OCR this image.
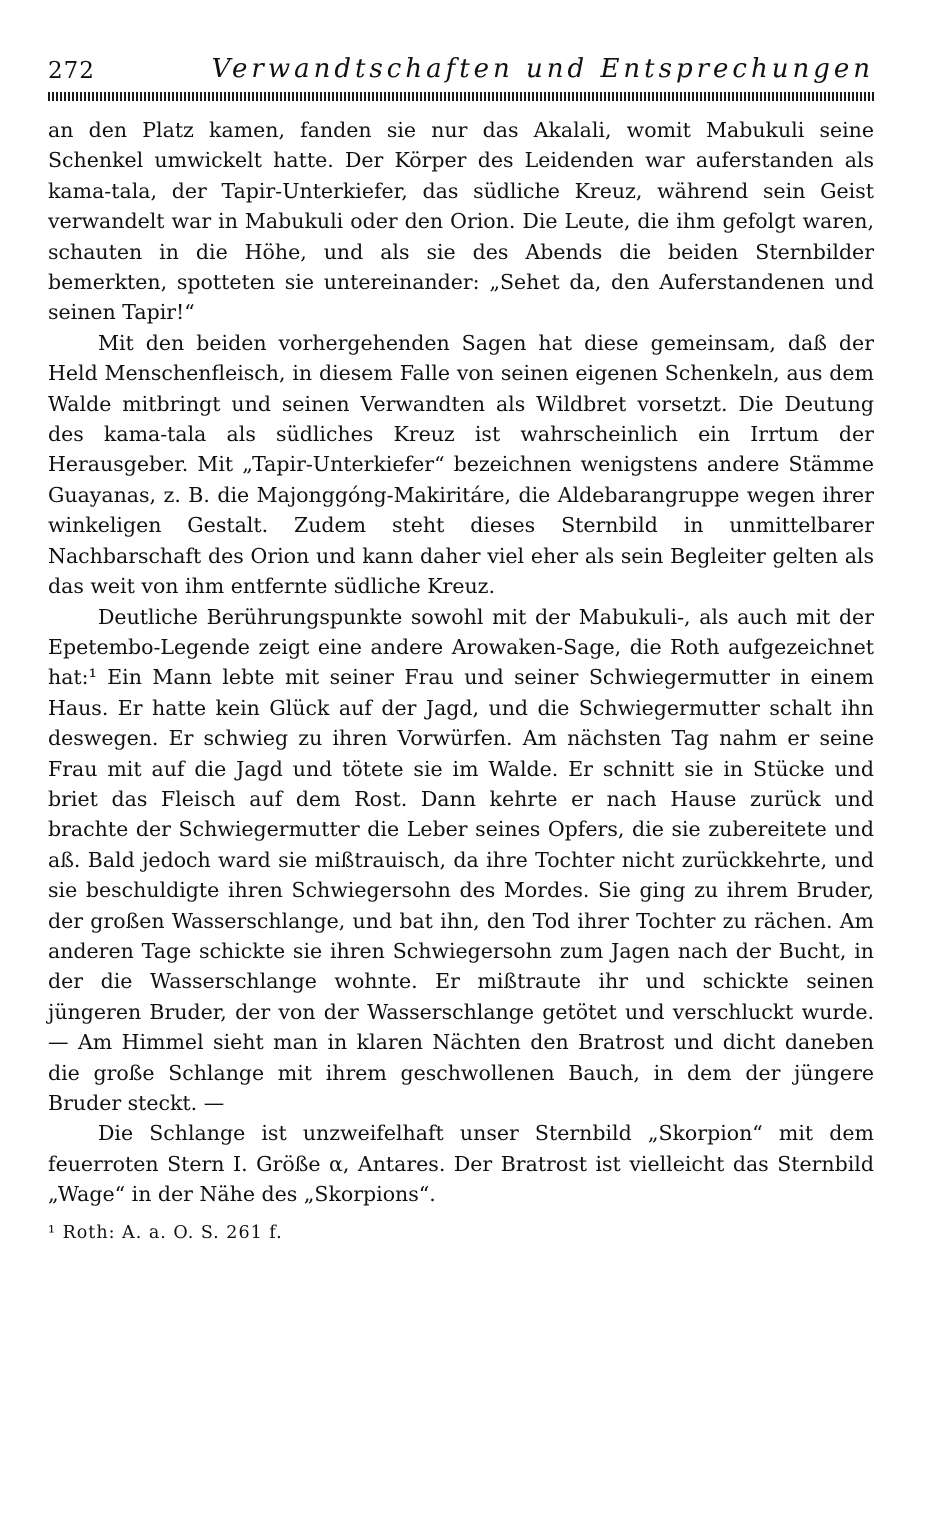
272	Verwandtschaften und Entsprechungen

an den Platz kamen, fanden sie nur das Akalali, womit Mabukuli seine Schenkel umwickelt hatte. Der Körper des Leidenden war auferstanden als kama-tala, der Tapir-Unterkiefer, das südliche Kreuz, während sein Geist verwandelt war in Mabukuli oder den Orion. Die Leute, die ihm gefolgt waren, schauten in die Höhe, und als sie des Abends die beiden Sternbilder bemerkten, spotteten sie untereinander: „Sehet da, den Auferstandenen und seinen Tapir!“

Mit den beiden vorhergehenden Sagen hat diese gemeinsam, daß der Held Menschenfleisch, in diesem Falle von seinen eigenen Schenkeln, aus dem Walde mitbringt und seinen Verwandten als Wildbret vorsetzt. Die Deutung des kama-tala als südliches Kreuz ist wahrscheinlich ein Irrtum der Herausgeber. Mit „Tapir-Unterkiefer“ bezeichnen wenigstens andere Stämme Guayanas, z. B. die Majonggóng-Makiritáre, die Aldebarangruppe wegen ihrer winkeligen Gestalt. Zudem steht dieses Sternbild in unmittelbarer Nachbarschaft des Orion und kann daher viel eher als sein Begleiter gelten als das weit von ihm entfernte südliche Kreuz.

Deutliche Berührungspunkte sowohl mit der Mabukuli-, als auch mit der Epetembo-Legende zeigt eine andere Arowaken-Sage, die Roth aufgezeichnet hat:¹ Ein Mann lebte mit seiner Frau und seiner Schwiegermutter in einem Haus. Er hatte kein Glück auf der Jagd, und die Schwiegermutter schalt ihn deswegen. Er schwieg zu ihren Vorwürfen. Am nächsten Tag nahm er seine Frau mit auf die Jagd und tötete sie im Walde. Er schnitt sie in Stücke und briet das Fleisch auf dem Rost. Dann kehrte er nach Hause zurück und brachte der Schwiegermutter die Leber seines Opfers, die sie zubereitete und aß. Bald jedoch ward sie mißtrauisch, da ihre Tochter nicht zurückkehrte, und sie beschuldigte ihren Schwiegersohn des Mordes. Sie ging zu ihrem Bruder, der großen Wasserschlange, und bat ihn, den Tod ihrer Tochter zu rächen. Am anderen Tage schickte sie ihren Schwiegersohn zum Jagen nach der Bucht, in der die Wasserschlange wohnte. Er mißtraute ihr und schickte seinen jüngeren Bruder, der von der Wasserschlange getötet und verschluckt wurde. — Am Himmel sieht man in klaren Nächten den Bratrost und dicht daneben die große Schlange mit ihrem geschwollenen Bauch, in dem der jüngere Bruder steckt. —

Die Schlange ist unzweifelhaft unser Sternbild „Skorpion“ mit dem feuerroten Stern I. Größe α, Antares. Der Bratrost ist vielleicht das Sternbild „Wage“ in der Nähe des „Skorpions“.

¹ Roth: A. a. O. S. 261 f.
